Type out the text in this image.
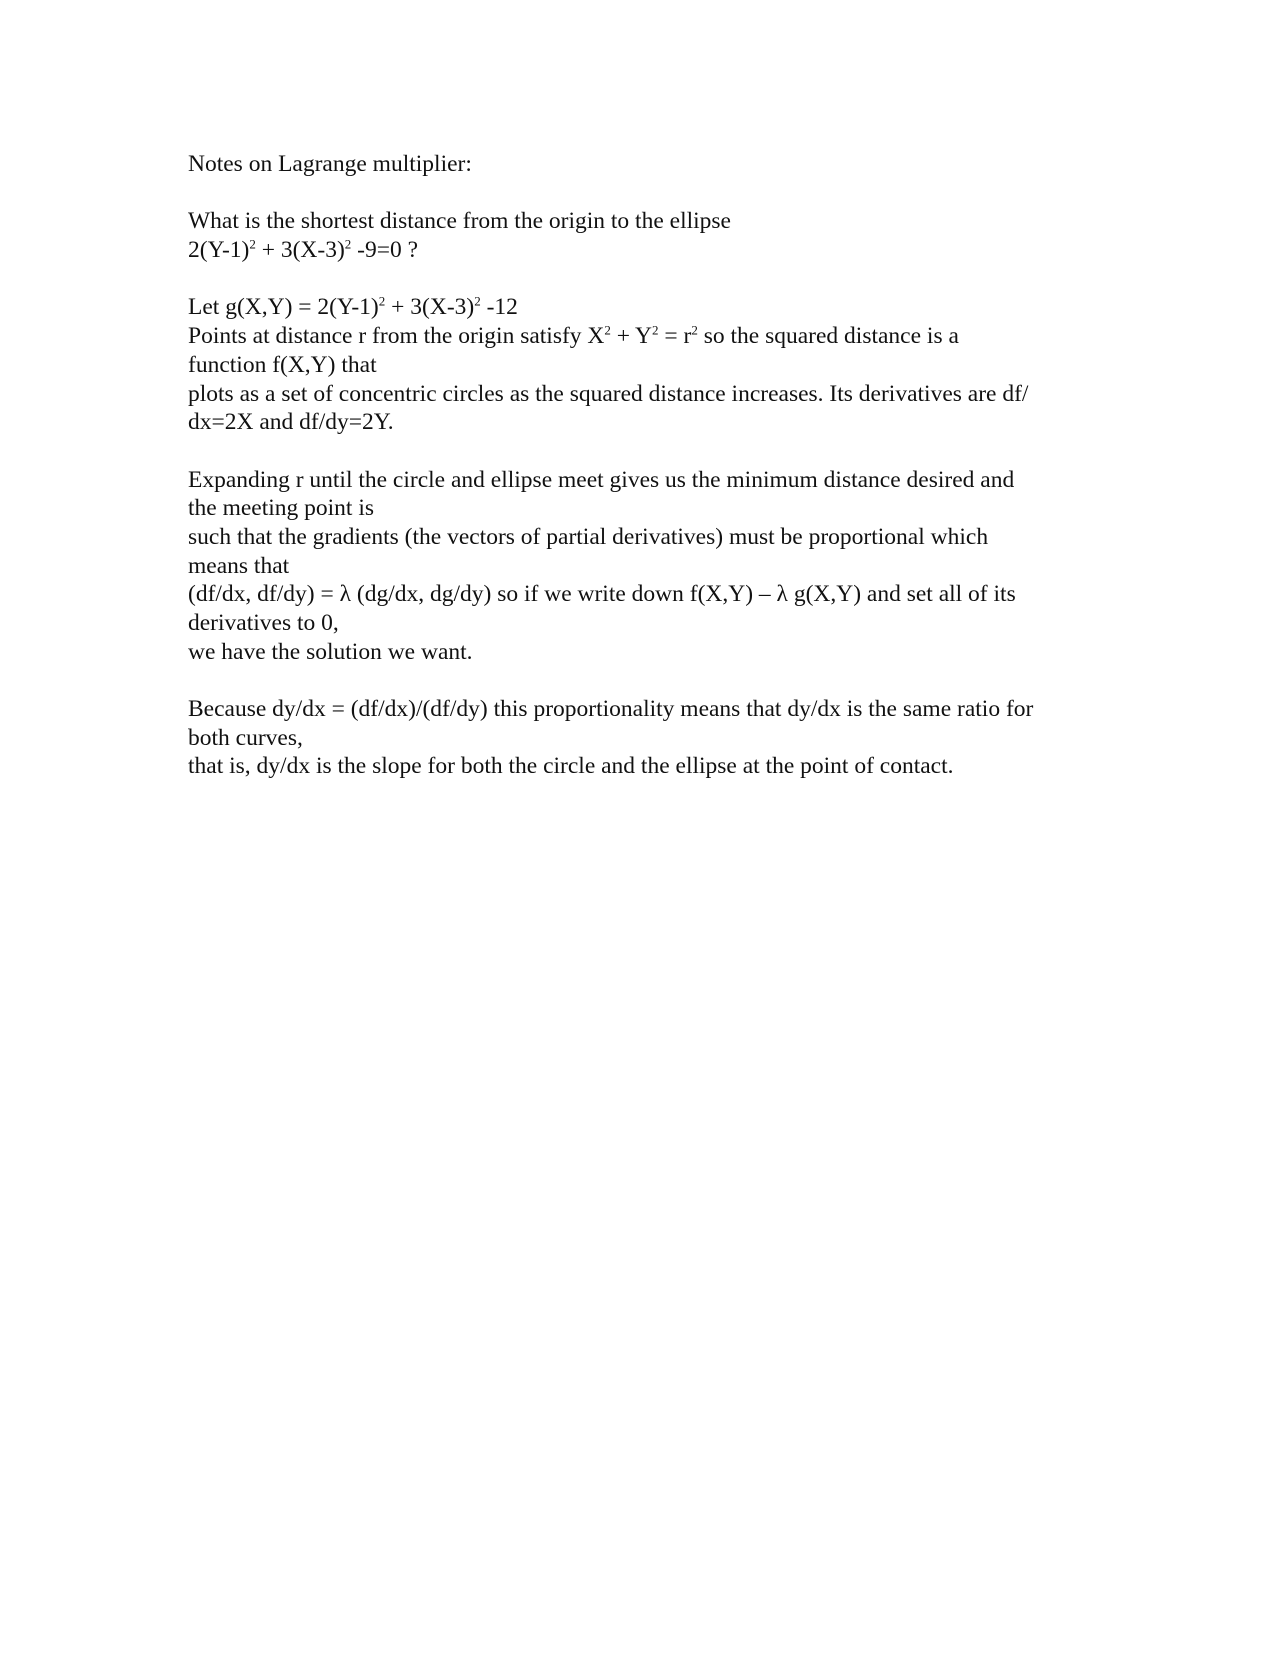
Notes on Lagrange multiplier:
What is the shortest distance from the origin to the ellipse
$2(Y-1)^2 + 3(X-3)^2$ -9=0 ?
Let $g(X,Y) = 2(Y-1)^2 + 3(X-3)^2$ -12
Points at distance r from the origin satisfy $X^2 + Y^2 = r^2$ so the squared distance is a
function f(X,Y) that
plots as a set of concentric circles as the squared distance increases. Its derivatives are df/
dx=2X and df/dy=2Y.
Expanding r until the circle and ellipse meet gives us the minimum distance desired and
the meeting point is
such that the gradients (the vectors of partial derivatives) must be proportional which
means that
(df/dx, df/dy) = λ (dg/dx, dg/dy) so if we write down f(X,Y) – λ g(X,Y) and set all of its
derivatives to 0,
we have the solution we want.
Because dy/dx = (df/dx)/(df/dy) this proportionality means that dy/dx is the same ratio for
both curves,
that is, dy/dx is the slope for both the circle and the ellipse at the point of contact.
